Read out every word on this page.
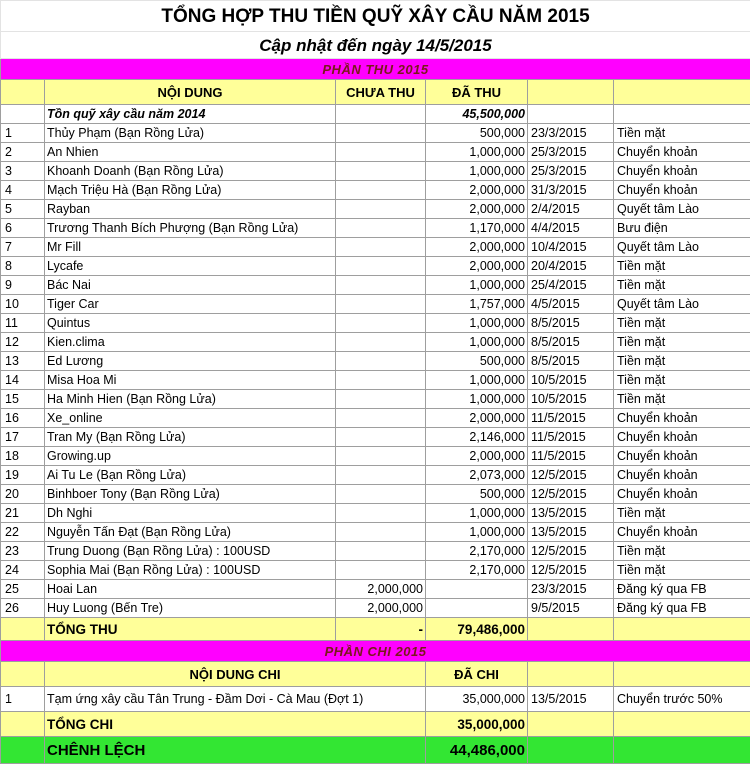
TỔNG HỢP THU TIỀN QUỸ XÂY CẦU NĂM 2015					
Cập nhật đến ngày 14/5/2015					
PHẦN THU 2015					
	NỘI DUNG	CHƯA THU	ĐÃ THU		
	Tồn quỹ xây cầu năm 2014		45,500,000		
1	Thủy Phạm (Bạn Rồng Lửa)		500,000	23/3/2015	Tiền mặt
2	An Nhien		1,000,000	25/3/2015	Chuyển khoản
3	Khoanh Doanh (Bạn Rồng Lửa)		1,000,000	25/3/2015	Chuyển khoản
4	Mạch Triệu Hà (Bạn Rồng Lửa)		2,000,000	31/3/2015	Chuyển khoản
5	Rayban		2,000,000	2/4/2015	Quyết tâm Lào
6	Trương Thanh Bích Phượng (Bạn Rồng Lửa)		1,170,000	4/4/2015	Bưu điện
7	Mr Fill		2,000,000	10/4/2015	Quyết tâm Lào
8	Lycafe		2,000,000	20/4/2015	Tiền mặt
9	Bác Nai		1,000,000	25/4/2015	Tiền mặt
10	Tiger Car		1,757,000	4/5/2015	Quyết tâm Lào
11	Quintus		1,000,000	8/5/2015	Tiền mặt
12	Kien.clima		1,000,000	8/5/2015	Tiền mặt
13	Ed Lương		500,000	8/5/2015	Tiền mặt
14	Misa Hoa Mi		1,000,000	10/5/2015	Tiền mặt
15	Ha Minh Hien (Bạn Rồng Lửa)		1,000,000	10/5/2015	Tiền mặt
16	Xe_online		2,000,000	11/5/2015	Chuyển khoản
17	Tran My (Bạn Rồng Lửa)		2,146,000	11/5/2015	Chuyển khoản
18	Growing.up		2,000,000	11/5/2015	Chuyển khoản
19	Ai Tu Le (Bạn Rồng Lửa)		2,073,000	12/5/2015	Chuyển khoản
20	Binhboer Tony (Bạn Rồng Lửa)		500,000	12/5/2015	Chuyển khoản
21	Dh Nghi		1,000,000	13/5/2015	Tiền mặt
22	Nguyễn Tấn Đạt (Bạn Rồng Lửa)		1,000,000	13/5/2015	Chuyển khoản
23	Trung Duong (Bạn Rồng Lửa) : 100USD		2,170,000	12/5/2015	Tiền mặt
24	Sophia Mai (Bạn Rồng Lửa) : 100USD		2,170,000	12/5/2015	Tiền mặt
25	Hoai Lan	2,000,000		23/3/2015	Đăng ký qua FB
26	Huy Luong (Bến Tre)	2,000,000		9/5/2015	Đăng ký qua FB
	TỔNG THU	-	79,486,000		
PHẦN CHI 2015					
	NỘI DUNG CHI		ĐÃ CHI		
1	Tạm ứng xây cầu Tân Trung - Đầm Dơi - Cà Mau (Đợt 1)		35,000,000	13/5/2015	Chuyển trước 50%
	TỔNG CHI		35,000,000		
	CHÊNH LỆCH		44,486,000		
